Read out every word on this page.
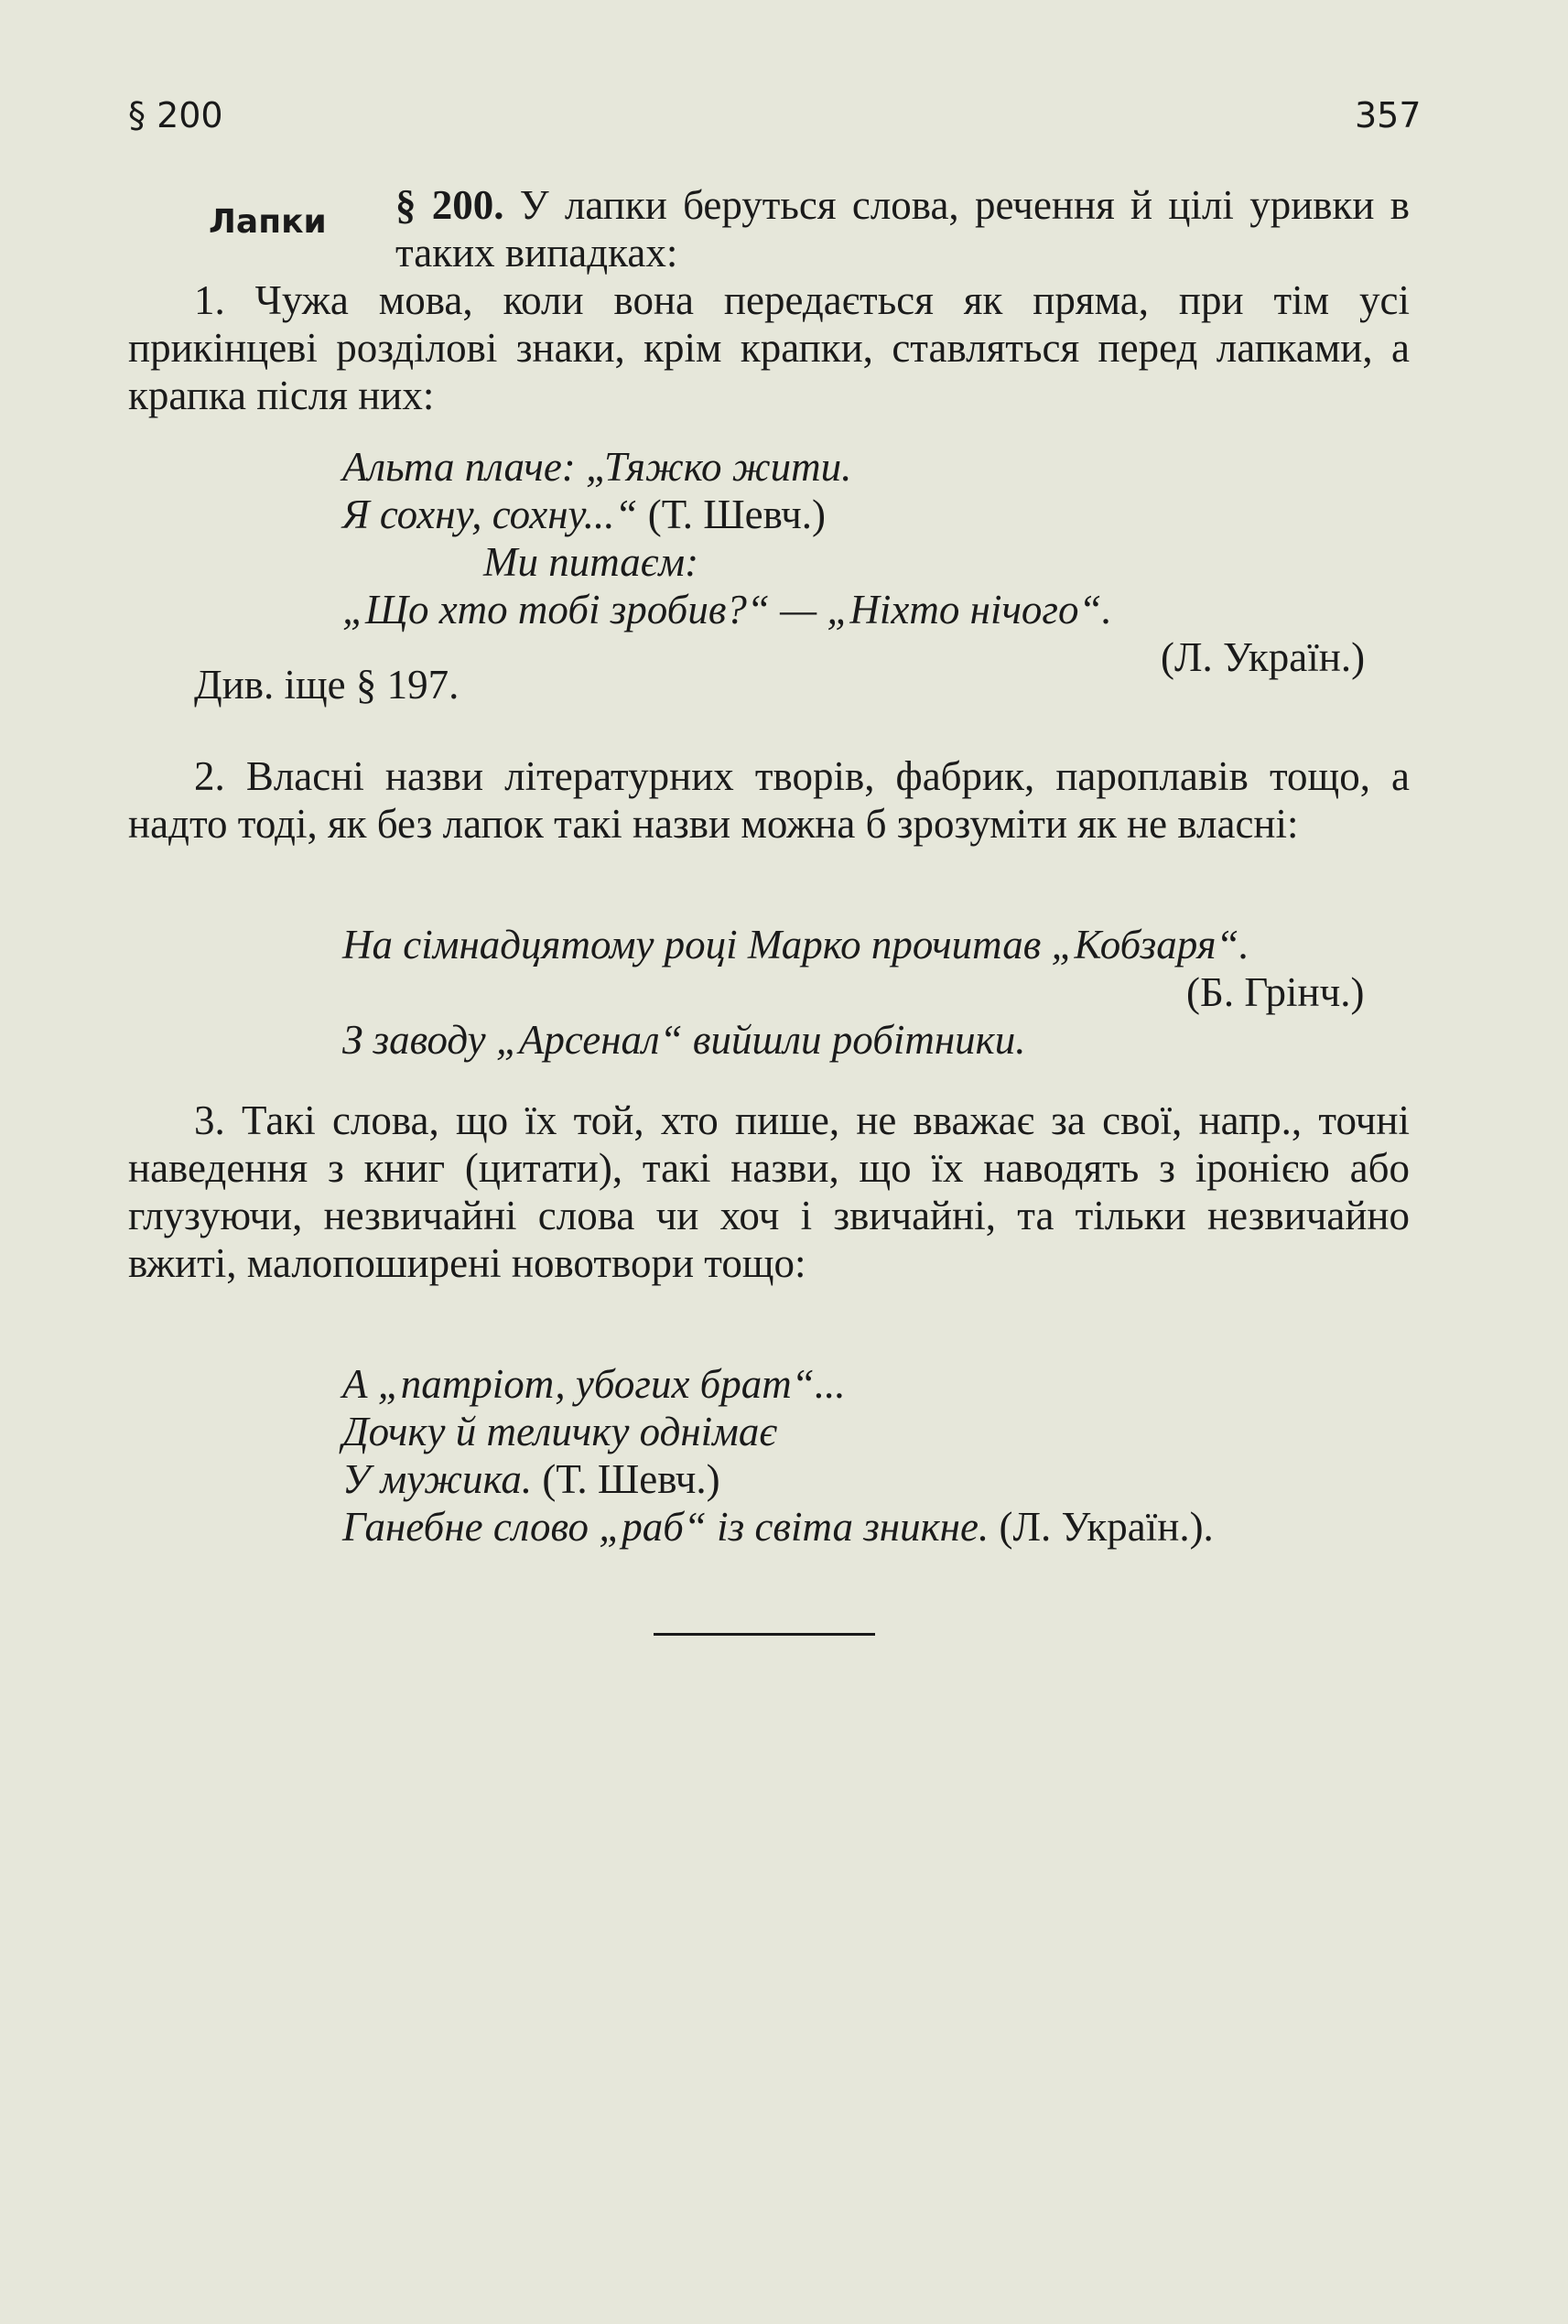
§ 200	357
Лапки § 200. У лапки беруться слова, речення й цілі уривки в таких випадках:

1. Чужа мова, коли вона передається як пряма, при тім усі прикінцеві розділові знаки, крім крапки, ставляться перед лапками, а крапка після них:

Альта плаче: „Тяжко жити.
Я сохну, сохну...“ (Т. Шевч.)
Ми питаєм:
„Що хто тобі зробив?“ — „Ніхто нічого“.
(Л. Україн.)
Див. іще § 197.

2. Власні назви літературних творів, фабрик, пароплавів тощо, а надто тоді, як без лапок такі назви можна б зрозуміти як не власні:

На сімнадцятому році Марко прочитав „Кобзаря“.
(Б. Грінч.)
З заводу „Арсенал“ вийшли робітники.

3. Такі слова, що їх той, хто пише, не вважає за свої, напр., точні наведення з книг (цитати), такі назви, що їх наводять з іронією або глузуючи, незвичайні слова чи хоч і звичайні, та тільки незвичайно вжиті, малопоширені новотвори тощо:

А „патріот, убогих брат“...
Дочку й теличку однімає
У мужика. (Т. Шевч.)
Ганебне слово „раб“ із світа зникне. (Л. Україн.).
